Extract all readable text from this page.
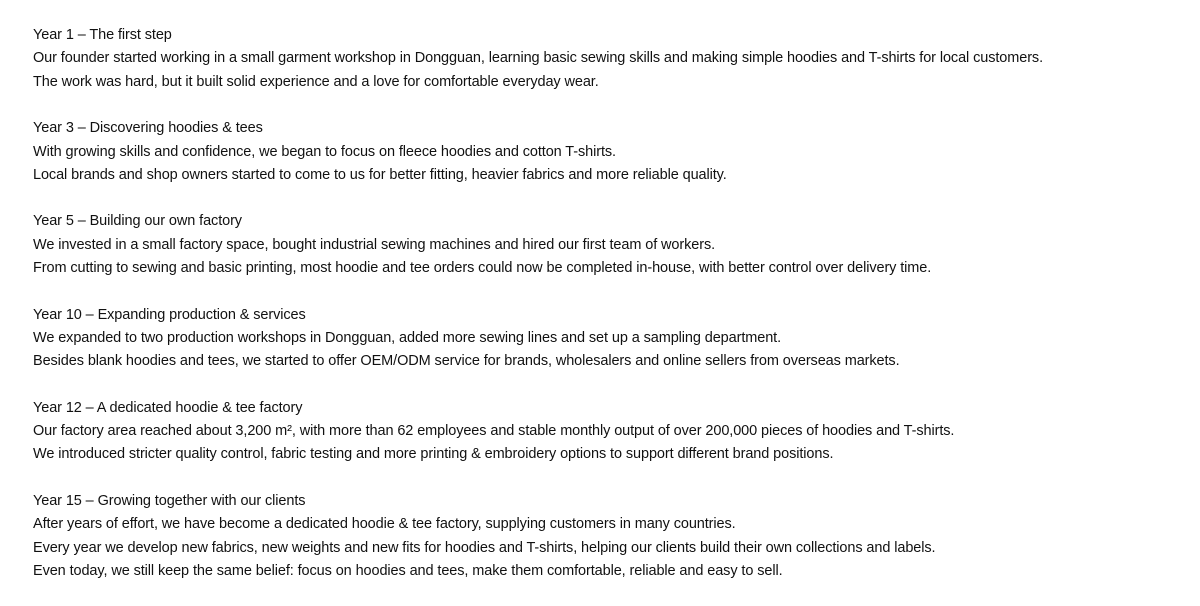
Year 1 – The first step
Our founder started working in a small garment workshop in Dongguan, learning basic sewing skills and making simple hoodies and T-shirts for local customers.
The work was hard, but it built solid experience and a love for comfortable everyday wear.
Year 3 – Discovering hoodies & tees
With growing skills and confidence, we began to focus on fleece hoodies and cotton T-shirts.
Local brands and shop owners started to come to us for better fitting, heavier fabrics and more reliable quality.
Year 5 – Building our own factory
We invested in a small factory space, bought industrial sewing machines and hired our first team of workers.
From cutting to sewing and basic printing, most hoodie and tee orders could now be completed in-house, with better control over delivery time.
Year 10 – Expanding production & services
We expanded to two production workshops in Dongguan, added more sewing lines and set up a sampling department.
Besides blank hoodies and tees, we started to offer OEM/ODM service for brands, wholesalers and online sellers from overseas markets.
Year 12 – A dedicated hoodie & tee factory
Our factory area reached about 3,200 m², with more than 62 employees and stable monthly output of over 200,000 pieces of hoodies and T-shirts.
We introduced stricter quality control, fabric testing and more printing & embroidery options to support different brand positions.
Year 15 – Growing together with our clients
After years of effort, we have become a dedicated hoodie & tee factory, supplying customers in many countries.
Every year we develop new fabrics, new weights and new fits for hoodies and T-shirts, helping our clients build their own collections and labels.
Even today, we still keep the same belief: focus on hoodies and tees, make them comfortable, reliable and easy to sell.
